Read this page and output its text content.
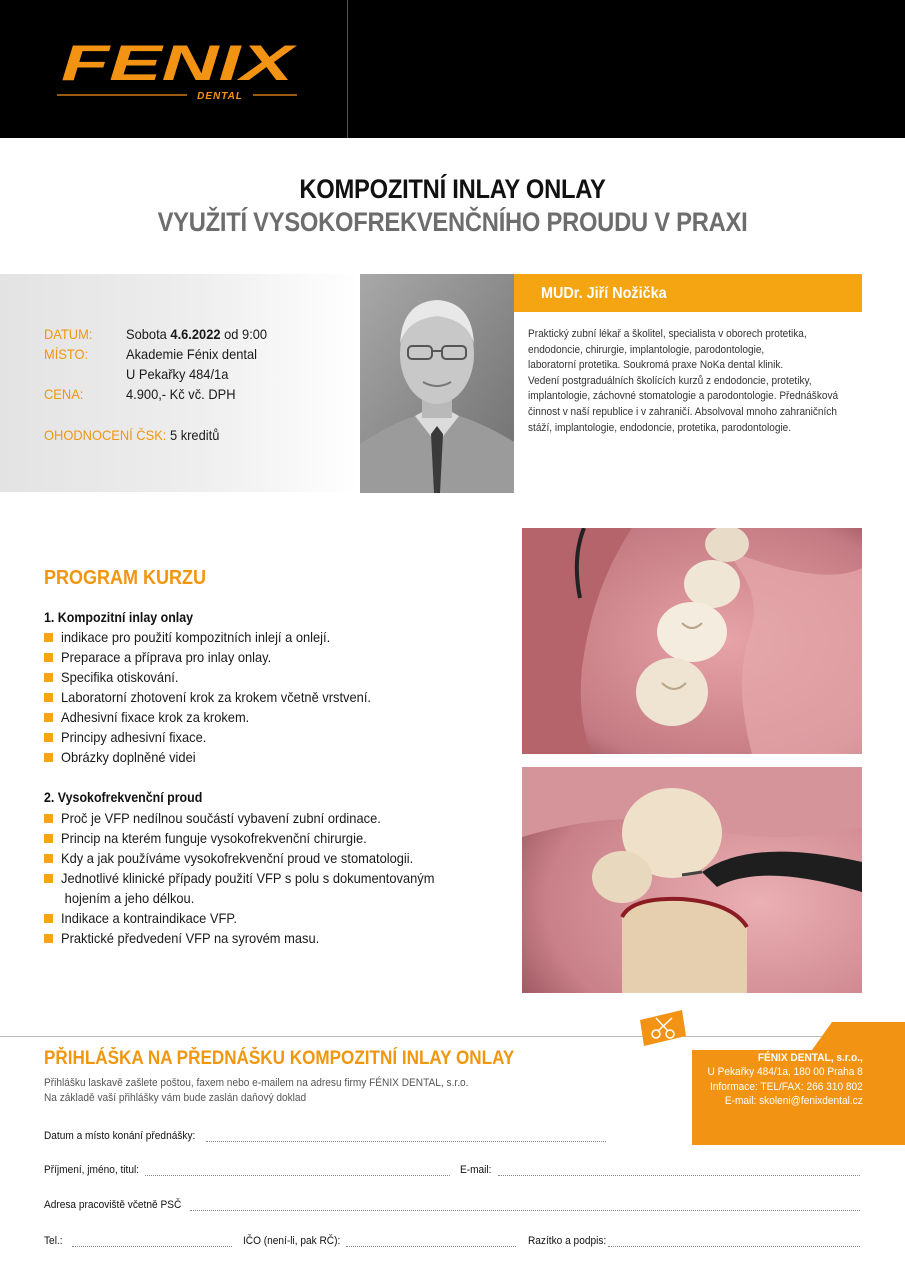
FENIX
DENTAL
KOMPOZITNÍ INLAY ONLAY
VYUŽITÍ VYSOKOFREKVENČNÍHO PROUDU V PRAXI
DATUM: Sobota 4.6.2022 od 9:00
MÍSTO:	Akademie Fénix dental
U Pekařky 484/1a
CENA:	4.900,- Kč vč. DPH
OHODNOCENÍ ČSK: 5 kreditů
MUDr. Jiří Nožička
Praktický zubní lékař a školitel, specialista v oborech protetika,
endodoncie, chirurgie, implantologie, parodontologie,
laboratorní protetika. Soukromá praxe NoKa dental klinik.
Vedení postgraduálních školících kurzů z endodoncie, protetiky,
implantologie, záchovné stomatologie a parodontologie. Přednášková
činnost v naší republice i v zahraničí. Absolvoval mnoho zahraničních
stáží, implantologie, endodoncie, protetika, parodontologie.
PROGRAM KURZU
1. Kompozitní inlay onlay
indikace pro použití kompozitních inlejí a onlejí.
Preparace a příprava pro inlay onlay.
Specifika otiskování.
Laboratorní zhotovení krok za krokem včetně vrstvení.
Adhesivní fixace krok za krokem.
Principy adhesivní fixace.
Obrázky doplněné videi
2. Vysokofrekvenční proud
Proč je VFP nedílnou součástí vybavení zubní ordinace.
Princip na kterém funguje vysokofrekvenční chirurgie.
Kdy a jak používáme vysokofrekvenční proud ve stomatologii.
Jednotlivé klinické případy použití VFP s polu s dokumentovaným
hojením a jeho délkou.
Indikace a kontraindikace VFP.
Praktické předvedení VFP na syrovém masu.
FÉNIX DENTAL, s.r.o.,
U Pekařky 484/1a, 180 00 Praha 8
Informace: TEL/FAX: 266 310 802
E-mail: skoleni@fenixdental.cz
PŘIHLÁŠKA NA PŘEDNÁŠKU KOMPOZITNÍ INLAY ONLAY
Přihlášku laskavě zašlete poštou, faxem nebo e-mailem na adresu firmy FÉNIX DENTAL, s.r.o.
Na základě vaší přihlášky vám bude zaslán daňový doklad
Datum a místo konání přednášky:
Příjmení, jméno, titul:	E-mail:
Adresa pracoviště včetně PSČ
Tel.:	IČO (není-li, pak RČ):	Razítko a podpis:
